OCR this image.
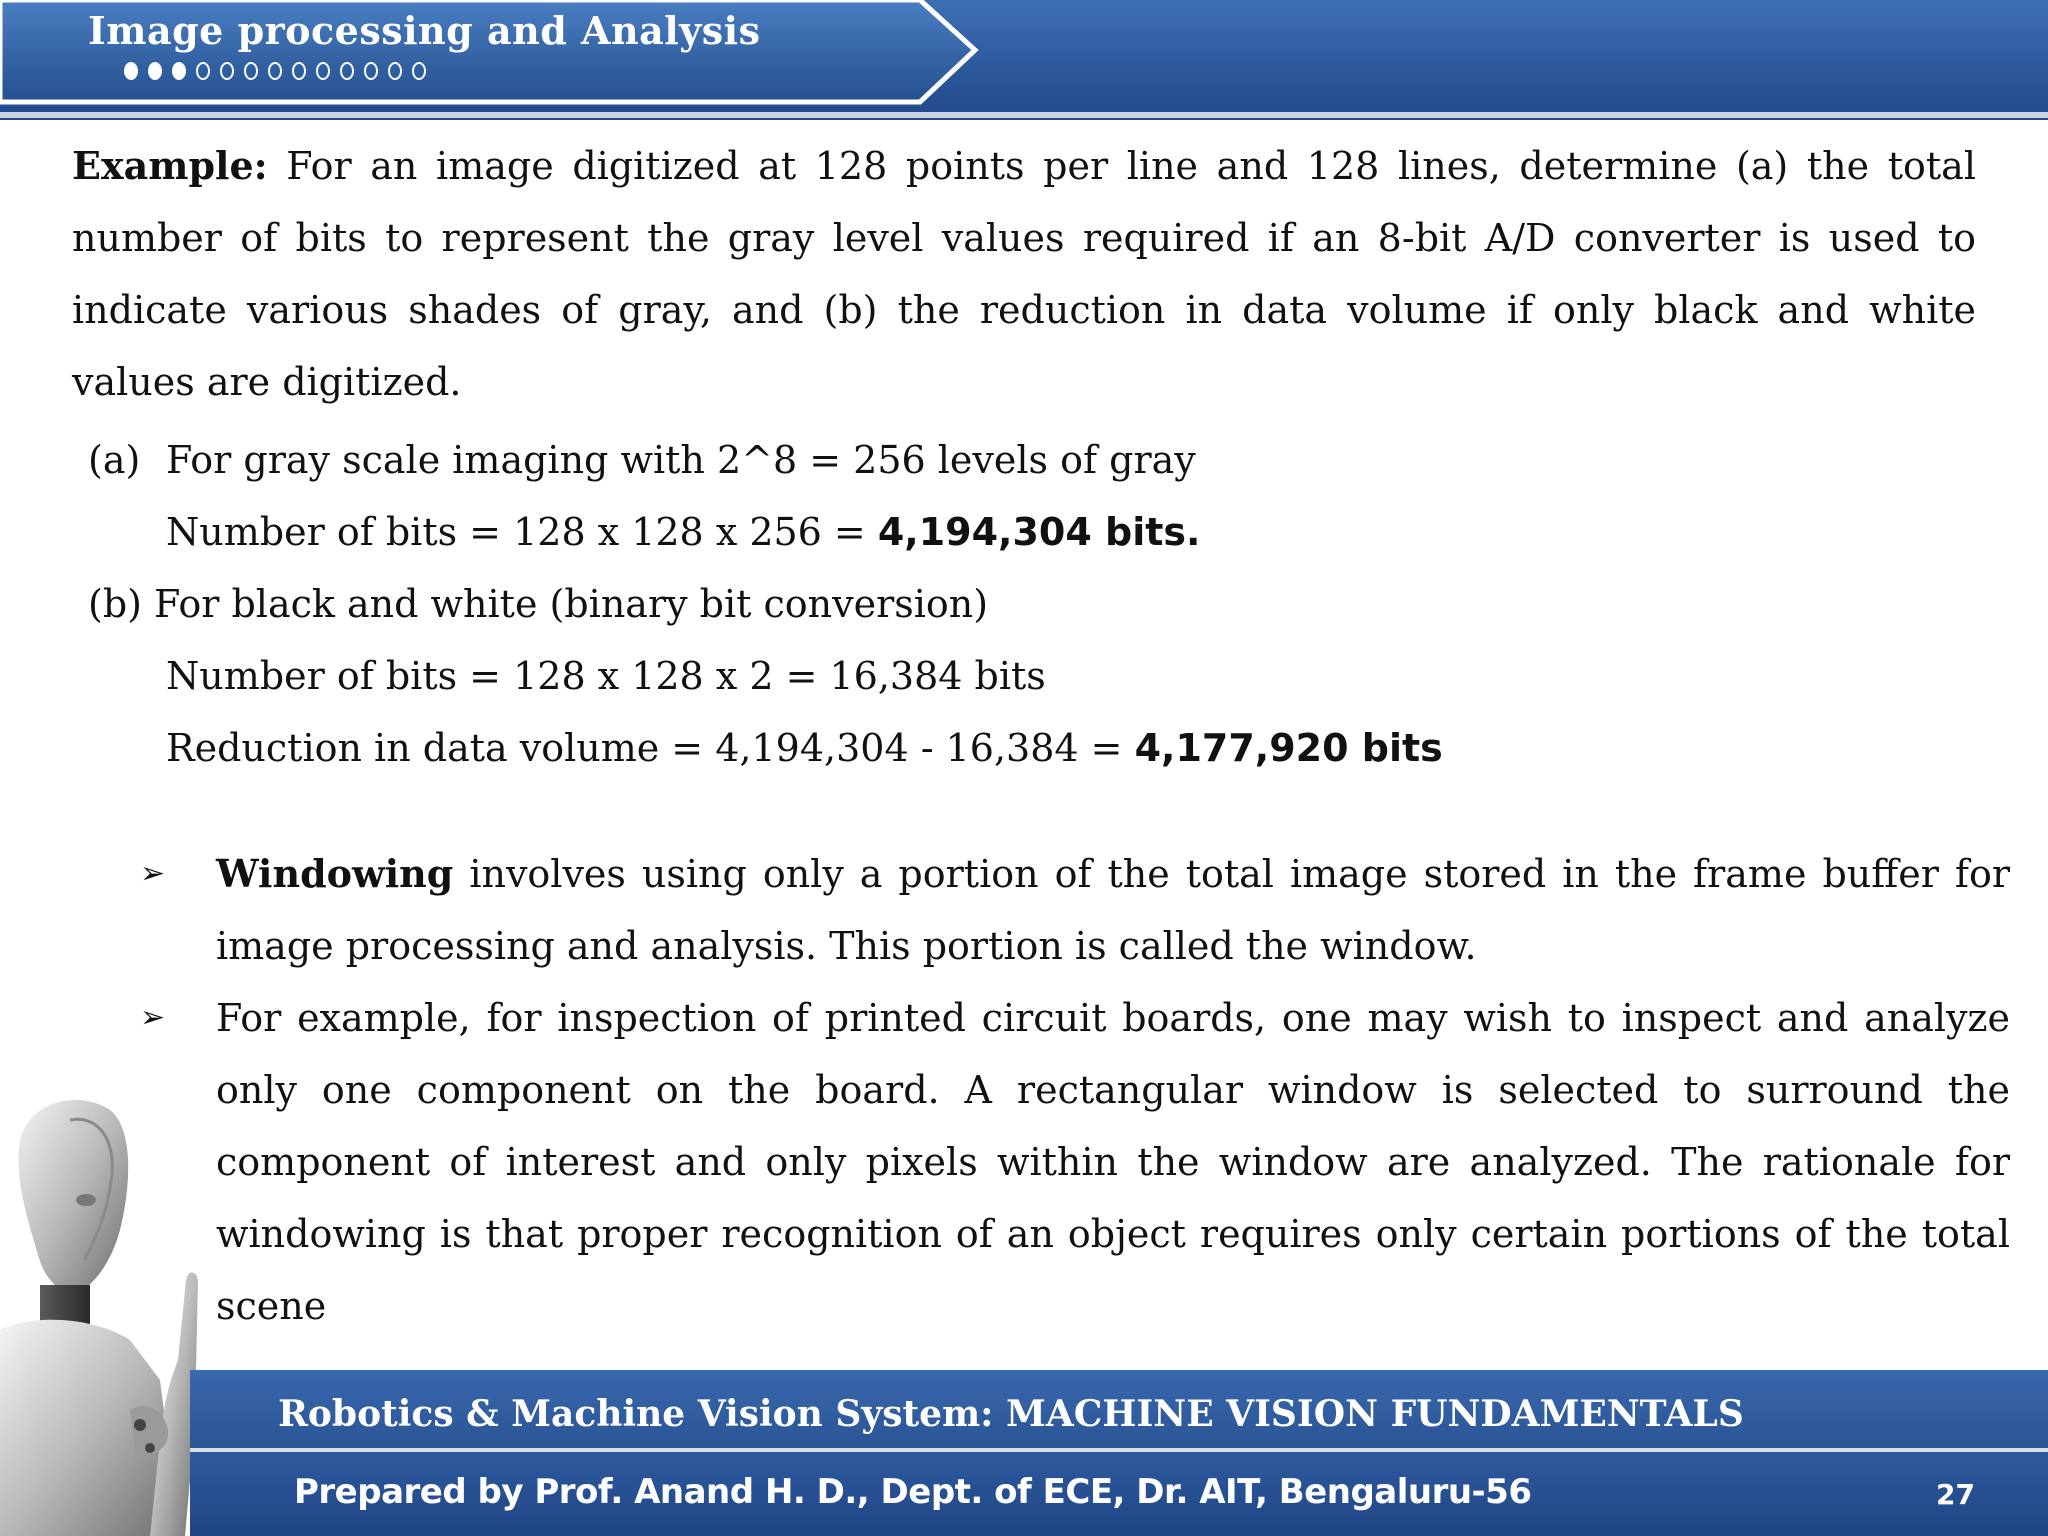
Image processing and Analysis
Example: For an image digitized at 128 points per line and 128 lines, determine (a) the total number of bits to represent the gray level values required if an 8-bit A/D converter is used to indicate various shades of gray, and (b) the reduction in data volume if only black and white values are digitized.
(a) For gray scale imaging with 2^8 = 256 levels of gray
Number of bits = 128 x 128 x 256 = 4,194,304 bits.
(b) For black and white (binary bit conversion)
Number of bits = 128 x 128 x 2 = 16,384 bits
Reduction in data volume = 4,194,304 - 16,384 = 4,177,920 bits
➢	Windowing involves using only a portion of the total image stored in the frame buffer for image processing and analysis. This portion is called the window.
➢	For example, for inspection of printed circuit boards, one may wish to inspect and analyze only one component on the board. A rectangular window is selected to surround the component of interest and only pixels within the window are analyzed. The rationale for windowing is that proper recognition of an object requires only certain portions of the total scene
Robotics & Machine Vision System: MACHINE VISION FUNDAMENTALS
Prepared by Prof. Anand H. D., Dept. of ECE, Dr. AIT, Bengaluru-56	27
